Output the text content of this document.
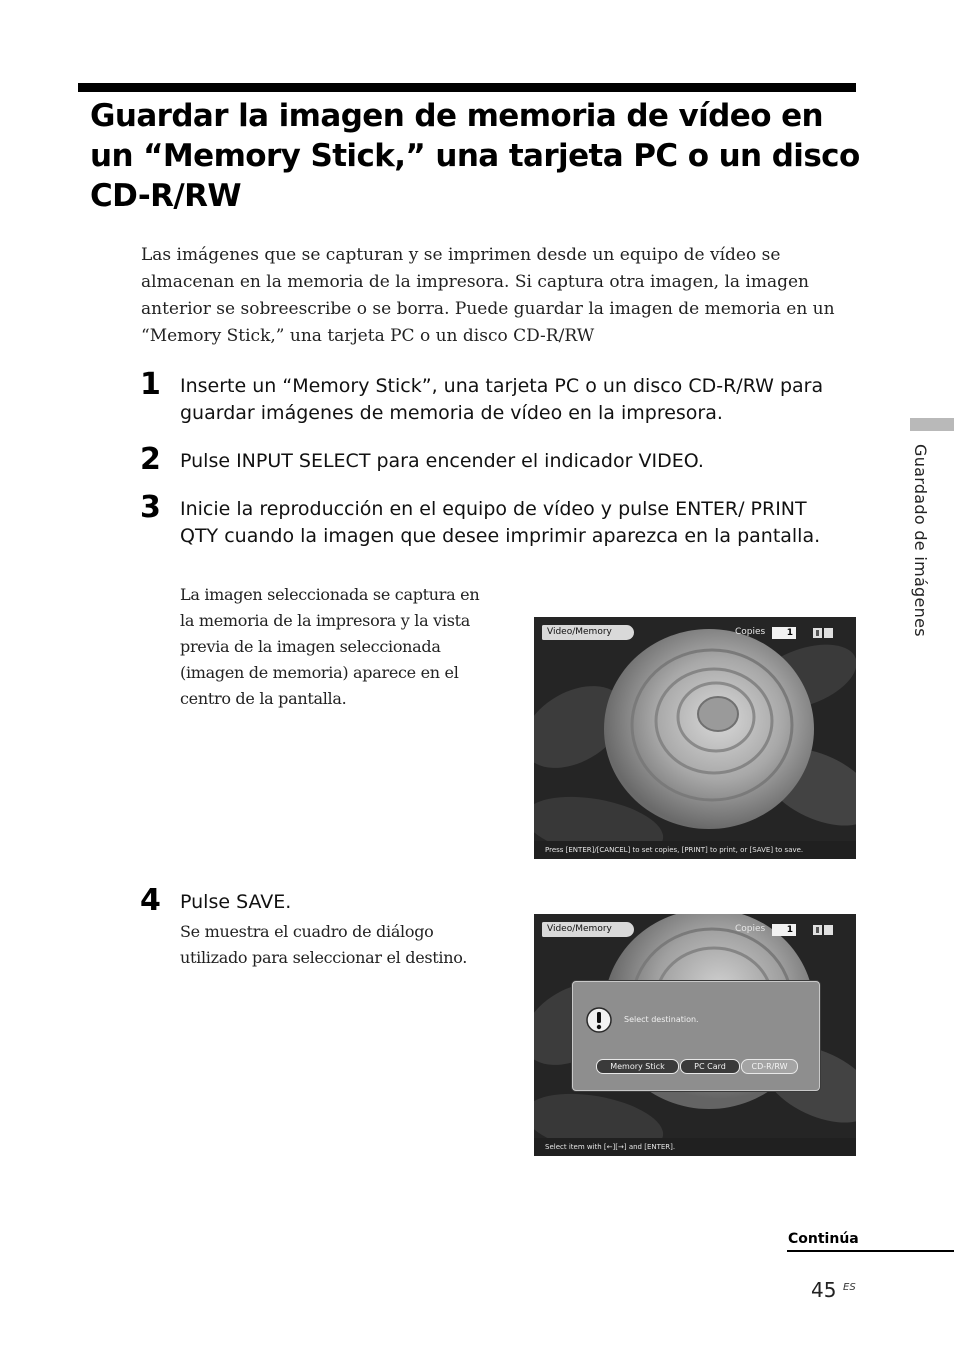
Guardar la imagen de memoria de vídeo en un “Memory Stick,” una tarjeta PC o un disco CD-R/RW

Las imágenes que se capturan y se imprimen desde un equipo de vídeo se almacenan en la memoria de la impresora. Si captura otra imagen, la imagen anterior se sobreescribe o se borra. Puede guardar la imagen de memoria en un “Memory Stick,” una tarjeta PC o un disco CD-R/RW

Guardado de imágenes
1 Inserte un “Memory Stick”, una tarjeta PC o un disco CD-R/RW para guardar imágenes de memoria de vídeo en la impresora.

2 Pulse INPUT SELECT para encender el indicador VIDEO.

3 Inicie la reproducción en el equipo de vídeo y pulse ENTER/ PRINT QTY cuando la imagen que desee imprimir aparezca en la pantalla.

La imagen seleccionada se captura en la memoria de la impresora y la vista previa de la imagen seleccionada (imagen de memoria) aparece en el centro de la pantalla.

Video/Memory	Copies	1
Press [ENTER]/[CANCEL] to set copies, [PRINT] to print, or [SAVE] to save.
4 Pulse SAVE.

Se muestra el cuadro de diálogo utilizado para seleccionar el destino.

Video/Memory	Copies	1
Select destination.
Memory Stick	PC Card	CD-R/RW
Select item with [←][→] and [ENTER].
Continúa
45 ES
